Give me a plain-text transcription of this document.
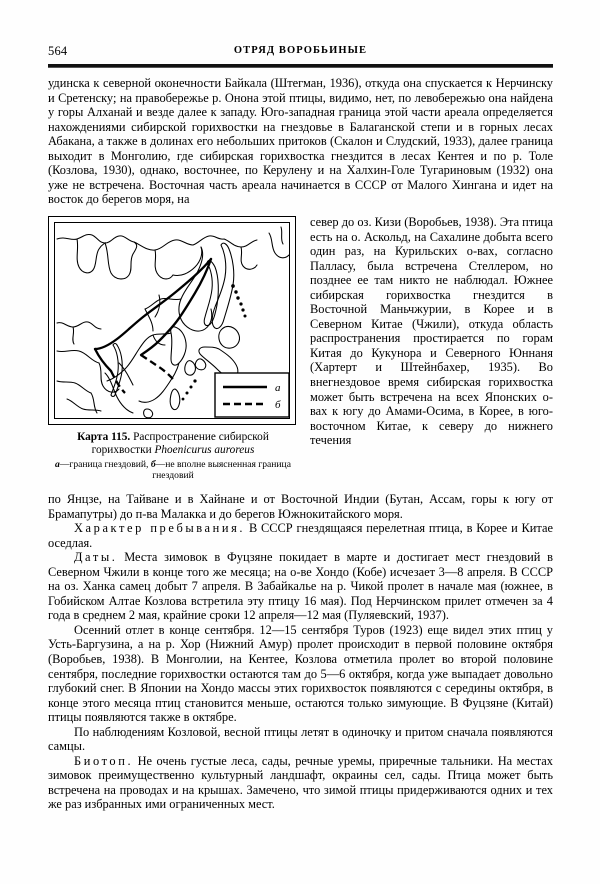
564	ОТРЯД ВОРОБЬИНЫЕ

удинска к северной оконечности Байкала (Штегман, 1936), откуда она спускается к Нерчинску и Сретенску; на правобережье р. Онона этой птицы, видимо, нет, по левобережью она найдена у горы Алханай и везде далее к западу. Юго-западная граница этой части ареала определяется нахождениями сибирской горихвостки на гнездовье в Балаганской степи и в горных лесах Абакана, а также в долинах его небольших притоков (Скалон и Слудский, 1933), далее граница выходит в Монголию, где сибирская горихвостка гнездится в лесах Кентея и по р. Толе (Козлова, 1930), однако, восточнее, по Керулену и на Халхин-Голе Тугариновым (1932) она уже не встречена. Восточная часть ареала начинается в СССР от Малого Хингана и идет на восток до берегов моря, на

а
б
Карта 115. Распространение сибирской горихвостки Phoenicurus auroreus
а—граница гнездовий, б—не вполне выясненная граница гнездовий

север до оз. Кизи (Воробьев, 1938). Эта птица есть на о. Аскольд, на Сахалине добыта всего один раз, на Курильских о-вах, согласно Палласу, была встречена Стеллером, но позднее ее там никто не наблюдал. Южнее сибирская горихвостка гнездится в Восточной Маньчжурии, в Корее и в Северном Китае (Чжили), откуда область распространения простирается по горам Китая до Кукунора и Северного Юннаня (Хартерт и Штейнбахер, 1935). Во внегнездовое время сибирская горихвостка может быть встречена на всех Японских о-вах к югу до Амами-Осима, в Корее, в юго-восточном Китае, к северу до нижнего течения

по Янцзе, на Тайване и в Хайнане и от Восточной Индии (Бутан, Ассам, горы к югу от Брамапутры) до п-ва Малакка и до берегов Южнокитайского моря.

Характер пребывания. В СССР гнездящаяся перелетная птица, в Корее и Китае оседлая.

Даты. Места зимовок в Фуцзяне покидает в марте и достигает мест гнездовий в Северном Чжили в конце того же месяца; на о-ве Хондо (Кобе) исчезает 3—8 апреля. В СССР на оз. Ханка самец добыт 7 апреля. В Забайкалье на р. Чикой пролет в начале мая (южнее, в Гобийском Алтае Козлова встретила эту птицу 16 мая). Под Нерчинском прилет отмечен за 4 года в среднем 2 мая, крайние сроки 12 апреля—12 мая (Пуляевский, 1937).

Осенний отлет в конце сентября. 12—15 сентября Туров (1923) еще видел этих птиц у Усть-Баргузина, а на р. Хор (Нижний Амур) пролет происходит в первой половине октября (Воробьев, 1938). В Монголии, на Кентее, Козлова отметила пролет во второй половине сентября, последние горихвостки остаются там до 5—6 октября, когда уже выпадает довольно глубокий снег. В Японии на Хондо массы этих горихвосток появляются с середины октября, в конце этого месяца птиц становится меньше, остаются только зимующие. В Фуцзяне (Китай) птицы появляются также в октябре.

По наблюдениям Козловой, весной птицы летят в одиночку и притом сначала появляются самцы.

Биотоп. Не очень густые леса, сады, речные уремы, приречные тальники. На местах зимовок преимущественно культурный ландшафт, окраины сел, сады. Птица может быть встречена на проводах и на крышах. Замечено, что зимой птицы придерживаются одних и тех же раз избранных ими ограниченных мест.
